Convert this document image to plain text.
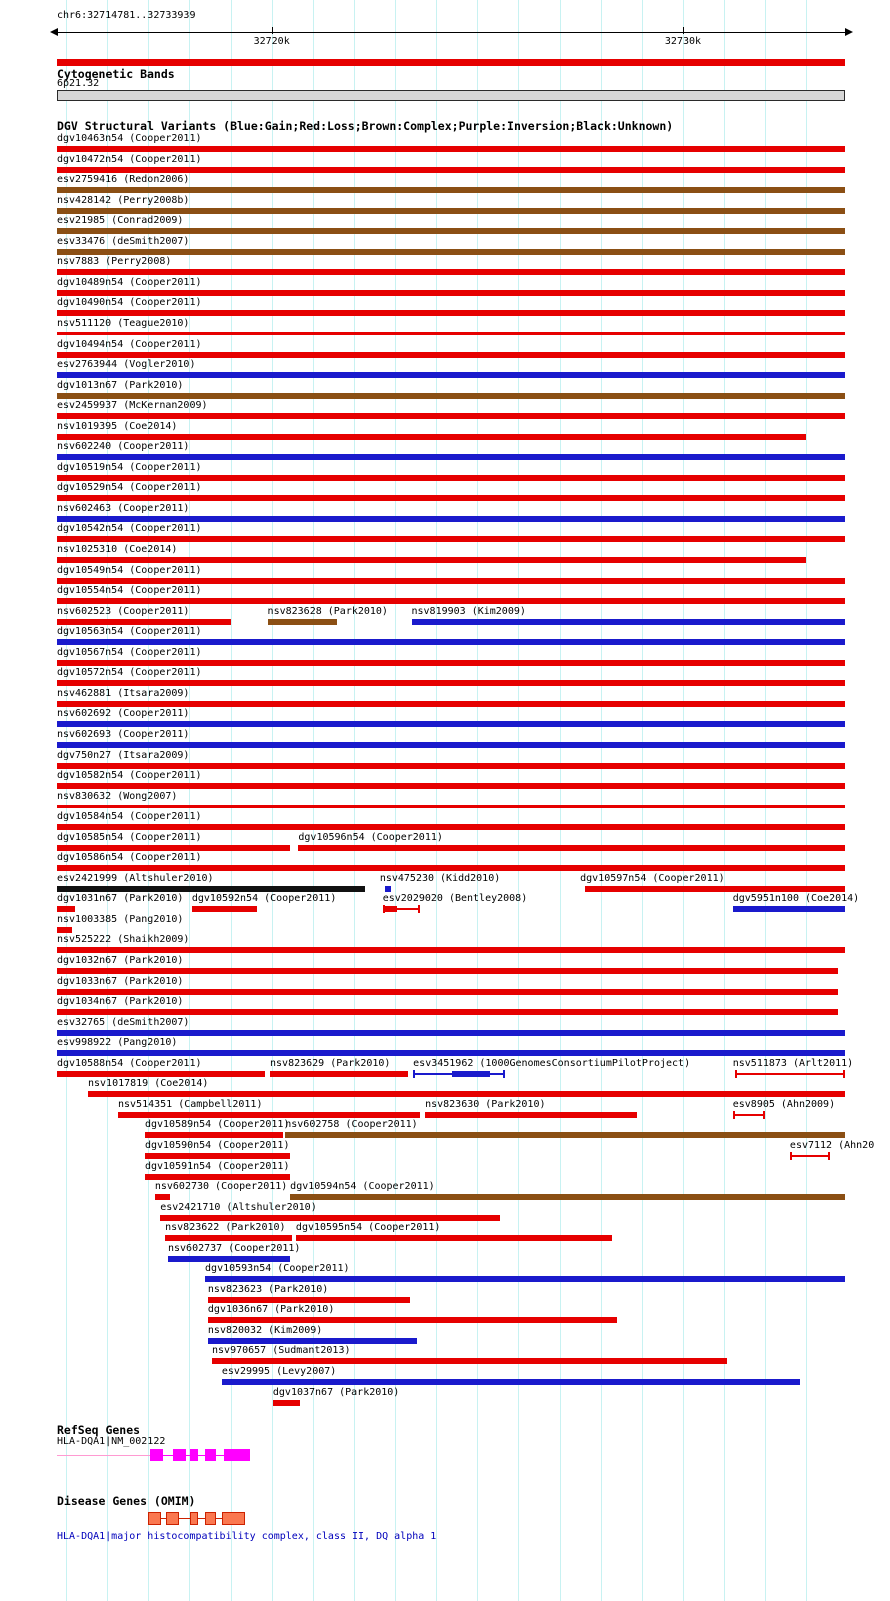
chr6:32714781..32733939
Cytogenetic Bands
6p21.32
DGV Structural Variants (Blue:Gain;Red:Loss;Brown:Complex;Purple:Inversion;Black:Unknown)
RefSeq Genes
HLA-DQA1|NM_002122
Disease Genes (OMIM)
HLA-DQA1|major histocompatibility complex, class II, DQ alpha 1
32720k	32730k
dgv10463n54 (Cooper2011)
dgv10472n54 (Cooper2011)
esv2759416 (Redon2006)
nsv428142 (Perry2008b)
esv21985 (Conrad2009)
esv33476 (deSmith2007)
nsv7883 (Perry2008)
dgv10489n54 (Cooper2011)
dgv10490n54 (Cooper2011)
nsv511120 (Teague2010)
dgv10494n54 (Cooper2011)
esv2763944 (Vogler2010)
dgv1013n67 (Park2010)
esv2459937 (McKernan2009)
nsv1019395 (Coe2014)
nsv602240 (Cooper2011)
dgv10519n54 (Cooper2011)
dgv10529n54 (Cooper2011)
nsv602463 (Cooper2011)
dgv10542n54 (Cooper2011)
nsv1025310 (Coe2014)
dgv10549n54 (Cooper2011)
dgv10554n54 (Cooper2011)
nsv602523 (Cooper2011)	nsv823628 (Park2010) nsv819903 (Kim2009)
dgv10563n54 (Cooper2011)
dgv10567n54 (Cooper2011)
dgv10572n54 (Cooper2011)
nsv462881 (Itsara2009)
nsv602692 (Cooper2011)
nsv602693 (Cooper2011)
dgv750n27 (Itsara2009)
dgv10582n54 (Cooper2011)
nsv830632 (Wong2007)
dgv10584n54 (Cooper2011)
dgv10585n54 (Cooper2011)	dgv10596n54 (Cooper2011)
dgv10586n54 (Cooper2011)
esv2421999 (Altshuler2010)	nsv475230 (Kidd2010)	dgv10597n54 (Cooper2011)
dgv1031n67 (Park2010) dgv10592n54 (Cooper2011)	esv2029020 (Bentley2008)	dgv5951n100 (Coe2014)
nsv1003385 (Pang2010)
nsv525222 (Shaikh2009)
dgv1032n67 (Park2010)
dgv1033n67 (Park2010)
dgv1034n67 (Park2010)
esv32765 (deSmith2007)
esv998922 (Pang2010)
dgv10588n54 (Cooper2011)	nsv823629 (Park2010) esv3451962 (1000GenomesConsortiumPilotProject)	nsv511873 (Arlt2011)
nsv1017819 (Coe2014)
nsv514351 (Campbell2011)	nsv823630 (Park2010)	esv8905 (Ahn2009)
dgv10589n54 (Cooper2011)
nsv602758 (Cooper2011)
dgv10590n54 (Cooper2011)	esv7112 (Ahn20
dgv10591n54 (Cooper2011)
nsv602730 (Cooper2011) dgv10594n54 (Cooper2011)
esv2421710 (Altshuler2010)
nsv823622 (Park2010) dgv10595n54 (Cooper2011)
nsv602737 (Cooper2011)
dgv10593n54 (Cooper2011)
nsv823623 (Park2010)
dgv1036n67 (Park2010)
nsv820032 (Kim2009)
nsv970657 (Sudmant2013)
esv29995 (Levy2007)
dgv1037n67 (Park2010)
